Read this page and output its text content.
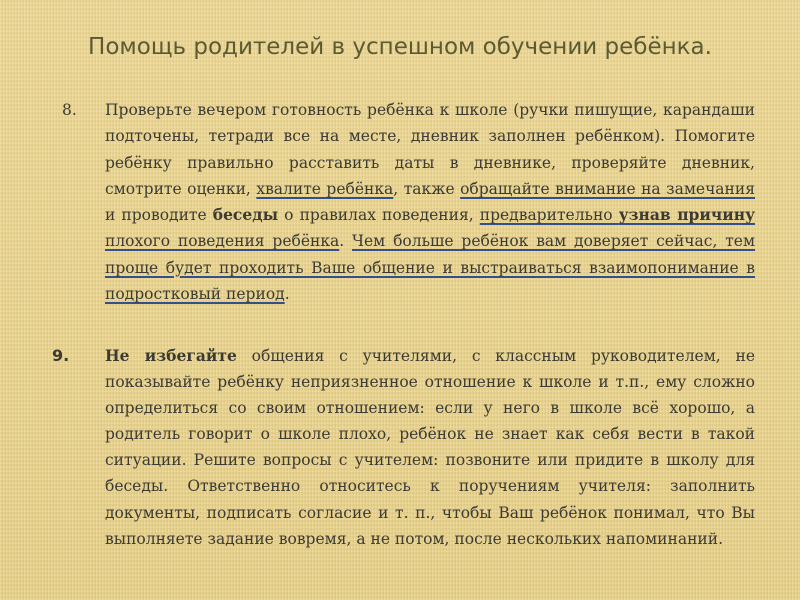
Помощь родителей в успешном обучении ребёнка.
8. Проверьте вечером готовность ребёнка к школе (ручки пишущие, карандаши подточены, тетради все на месте, дневник заполнен ребёнком). Помогите ребёнку правильно расставить даты в дневнике, проверяйте дневник, смотрите оценки, хвалите ребёнка, также обращайте внимание на замечания и проводите беседы о правилах поведения, предварительно узнав причину плохого поведения ребёнка. Чем больше ребёнок вам доверяет сейчас, тем проще будет проходить Ваше общение и выстраиваться взаимопонимание в подростковый период.
9. Не избегайте общения с учителями, с классным руководителем, не показывайте ребёнку неприязненное отношение к школе и т.п., ему сложно определиться со своим отношением: если у него в школе всё хорошо, а родитель говорит о школе плохо, ребёнок не знает как себя вести в такой ситуации. Решите вопросы с учителем: позвоните или придите в школу для беседы. Ответственно относитесь к поручениям учителя: заполнить документы, подписать согласие и т. п., чтобы Ваш ребёнок понимал, что Вы выполняете задание вовремя, а не потом, после нескольких напоминаний.
